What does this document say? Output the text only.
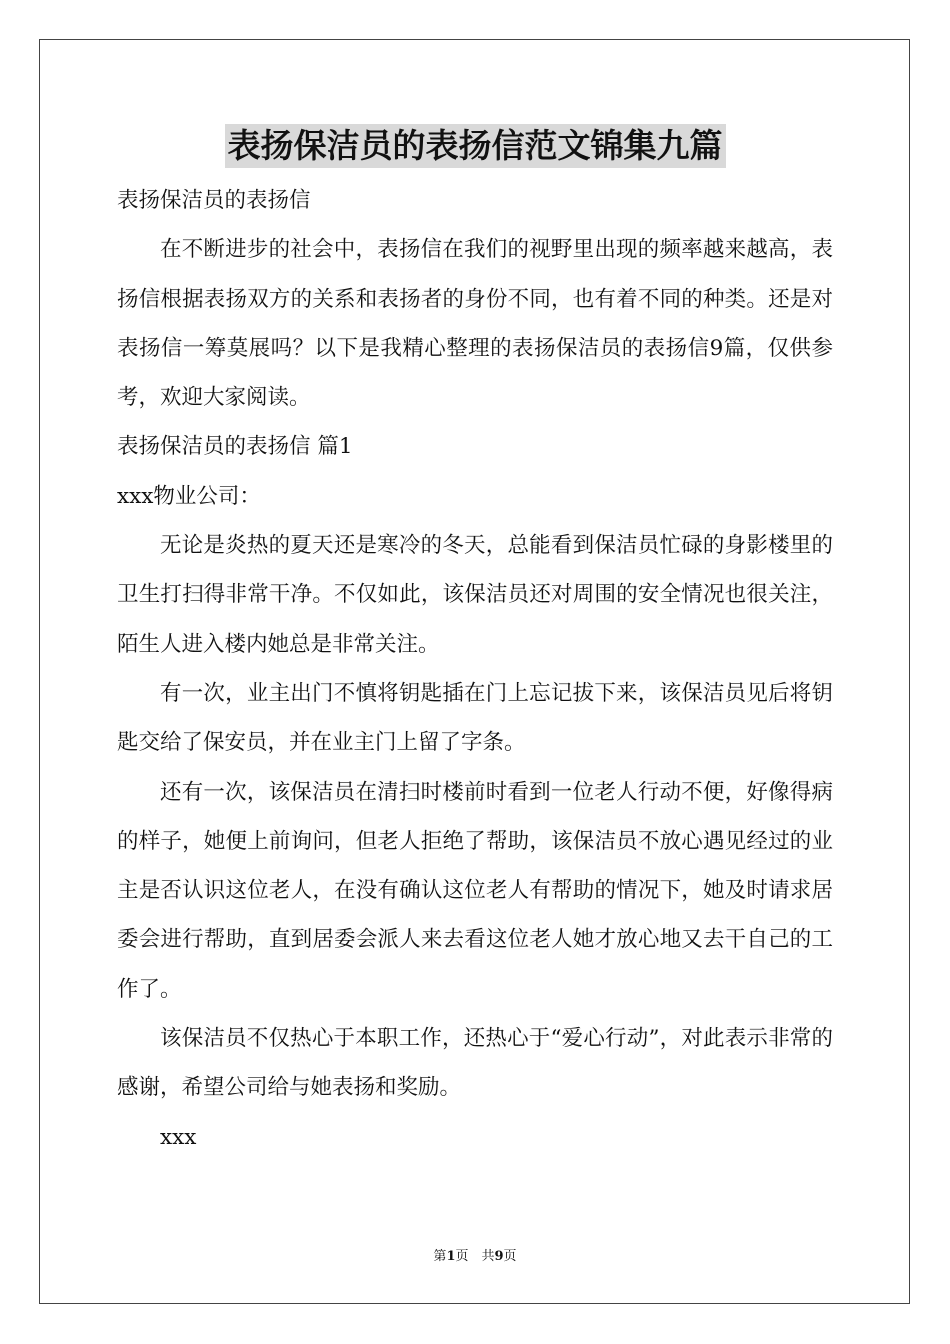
表扬保洁员的表扬信范文锦集九篇

表扬保洁员的表扬信

在不断进步的社会中，表扬信在我们的视野里出现的频率越来越高，表扬信根据表扬双方的关系和表扬者的身份不同，也有着不同的种类。还是对表扬信一筹莫展吗？以下是我精心整理的表扬保洁员的表扬信9篇，仅供参考，欢迎大家阅读。

表扬保洁员的表扬信 篇1

xxx物业公司：

无论是炎热的夏天还是寒冷的冬天，总能看到保洁员忙碌的身影楼里的卫生打扫得非常干净。不仅如此，该保洁员还对周围的安全情况也很关注，陌生人进入楼内她总是非常关注。

有一次，业主出门不慎将钥匙插在门上忘记拔下来，该保洁员见后将钥匙交给了保安员，并在业主门上留了字条。

还有一次，该保洁员在清扫时楼前时看到一位老人行动不便，好像得病的样子，她便上前询问，但老人拒绝了帮助，该保洁员不放心遇见经过的业主是否认识这位老人，在没有确认这位老人有帮助的情况下，她及时请求居委会进行帮助，直到居委会派人来去看这位老人她才放心地又去干自己的工作了。

该保洁员不仅热心于本职工作，还热心于“爱心行动”，对此表示非常的感谢，希望公司给与她表扬和奖励。

xxx

第1页　共9页
